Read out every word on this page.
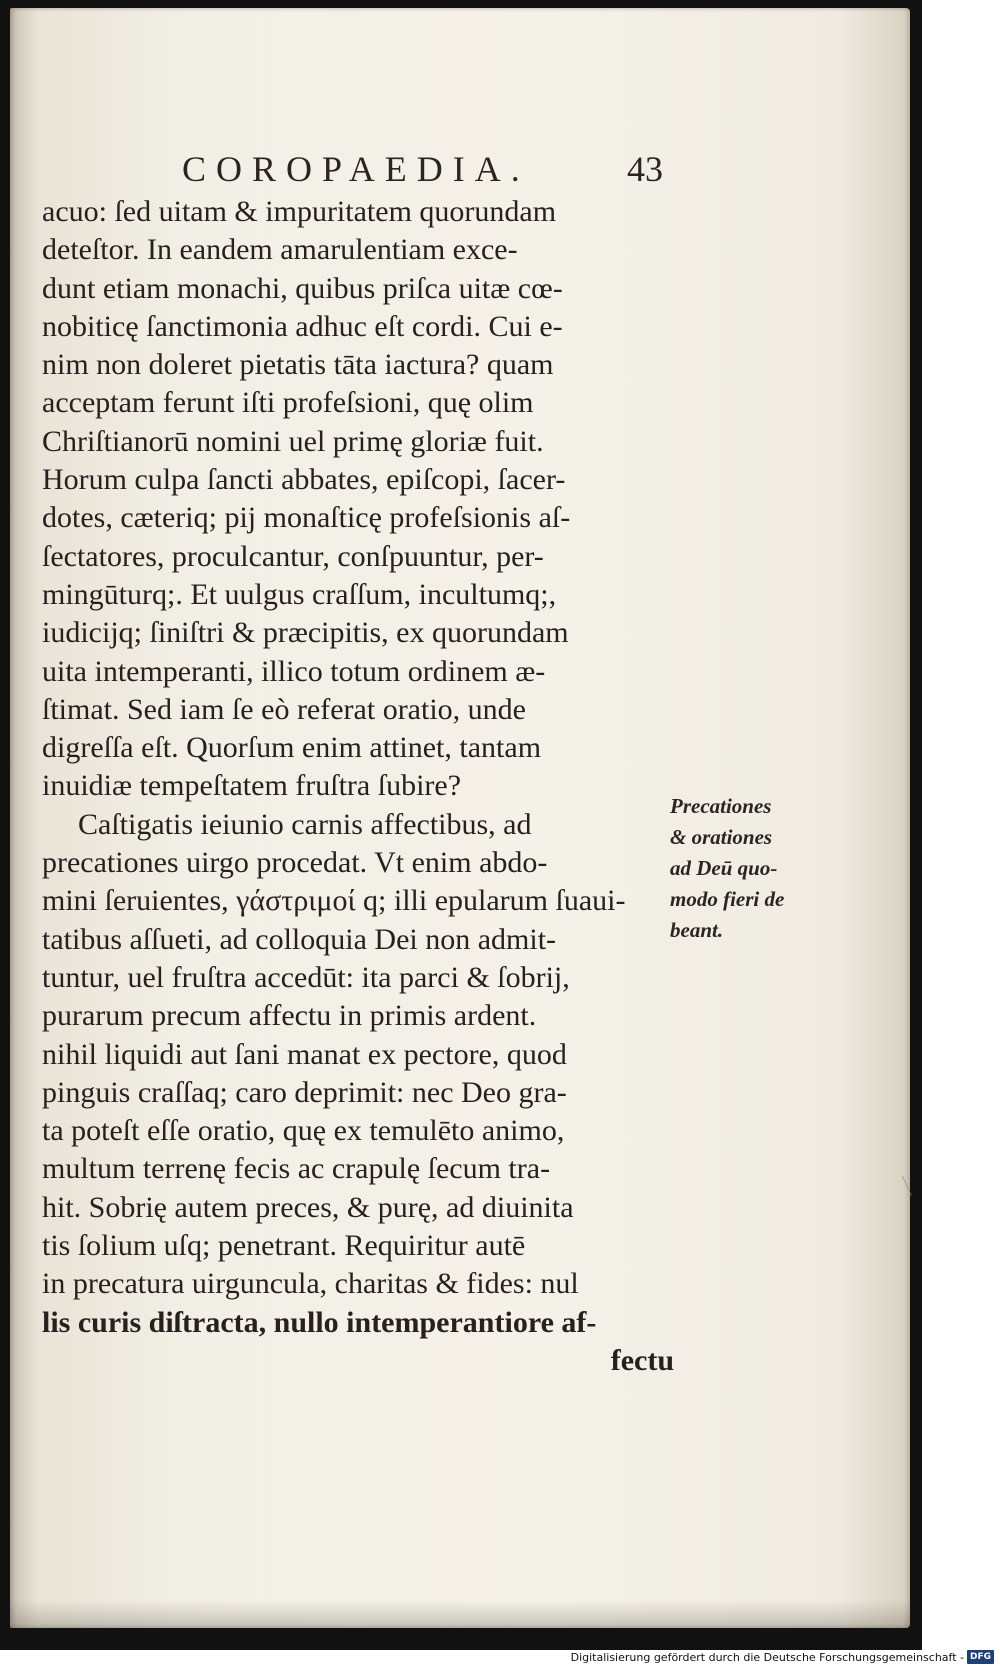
COROPAEDIA.	43
acuo: ſed uitam & impuritatem quorundam
deteſtor. In eandem amarulentiam exce-
dunt etiam monachi, quibus priſca uitæ cœ-
nobiticę ſanctimonia adhuc eſt cordi. Cui e-
nim non doleret pietatis tāta iactura? quam
acceptam ferunt iſti profeſsioni, quę olim
Chriſtianorū nomini uel primę gloriæ fuit.
Horum culpa ſancti abbates, epiſcopi, ſacer-
dotes, cæteriq; pij monaſticę profeſsionis aſ-
ſectatores, proculcantur, conſpuuntur, per-
mingūturq;. Et uulgus craſſum, incultumq;,
iudicijq; ſiniſtri & præcipitis, ex quorundam
uita intemperanti, illico totum ordinem æ-
ſtimat. Sed iam ſe eò referat oratio, unde
digreſſa eſt. Quorſum enim attinet, tantam
inuidiæ tempeſtatem fruſtra ſubire?
Caſtigatis ieiunio carnis affectibus, ad
precationes uirgo procedat. Vt enim abdo-
mini ſeruientes, γάστριμοί q; illi epularum ſuaui-
tatibus aſſueti, ad colloquia Dei non admit-
tuntur, uel fruſtra accedūt: ita parci & ſobrij,
purarum precum affectu in primis ardent.
nihil liquidi aut ſani manat ex pectore, quod
pinguis craſſaq; caro deprimit: nec Deo gra-
ta poteſt eſſe oratio, quę ex temulēto animo,
multum terrenę fecis ac crapulę ſecum tra-
hit. Sobrię autem preces, & purę, ad diuinita
tis ſolium uſq; penetrant. Requiritur autē
in precatura uirguncula, charitas & fides: nul
lis curis diſtracta, nullo intemperantiore af-
fectu
Precationes
& orationes
ad Deū quo-
modo fieri de
beant.
Digitalisierung gefördert durch die Deutsche Forschungsgemeinschaft - DFG
